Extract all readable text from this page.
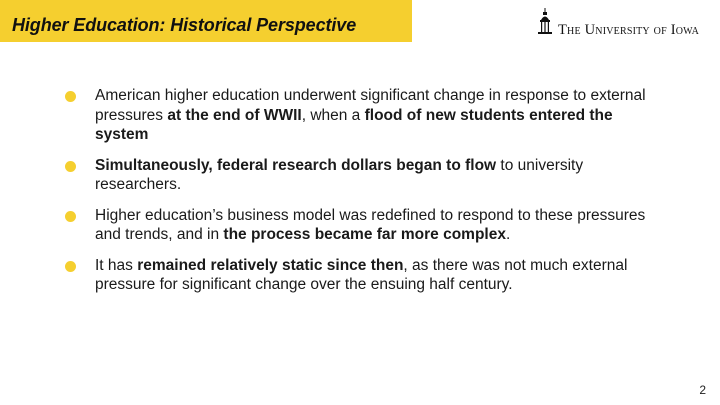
Higher Education: Historical Perspective	The University of Iowa
American higher education underwent significant change in response to external pressures at the end of WWII, when a flood of new students entered the system
Simultaneously, federal research dollars began to flow to university researchers.
Higher education’s business model was redefined to respond to these pressures and trends, and in the process became far more complex.
It has remained relatively static since then, as there was not much external pressure for significant change over the ensuing half century.
2
